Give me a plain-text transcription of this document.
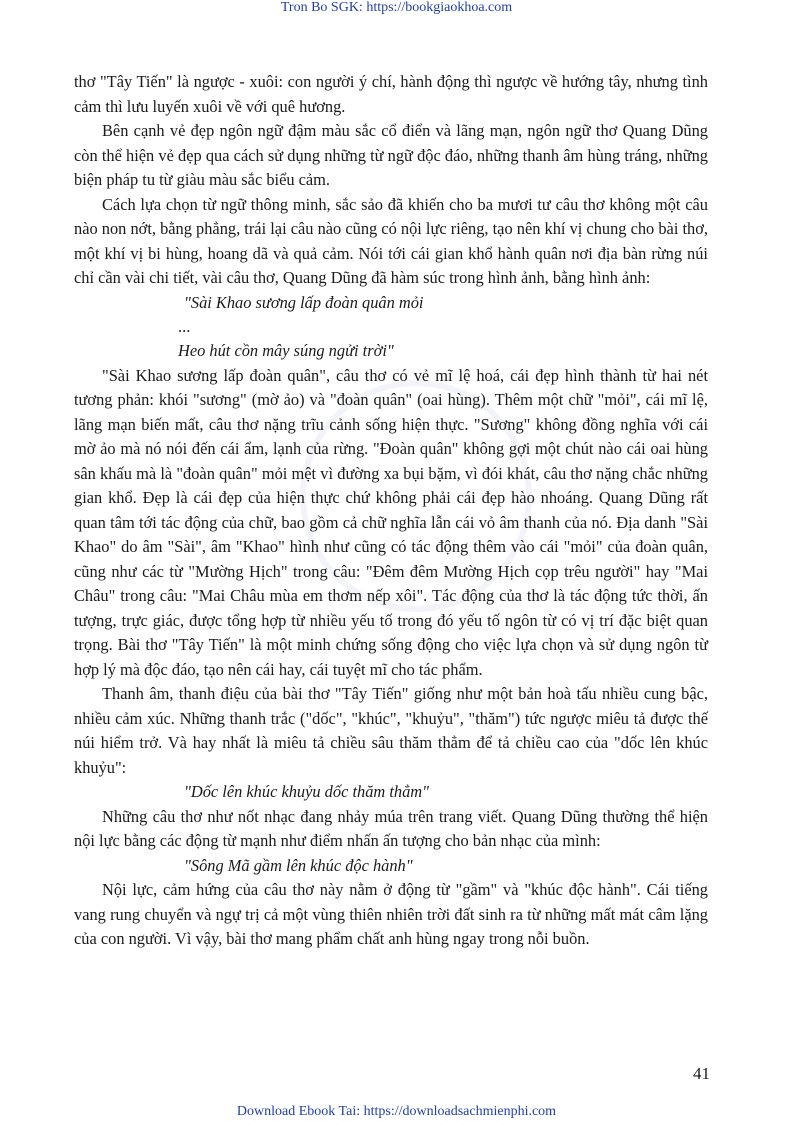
Tron Bo SGK: https://bookgiaokhoa.com

thơ "Tây Tiến" là ngược - xuôi: con người ý chí, hành động thì ngược về hướng tây, nhưng tình cảm thì lưu luyến xuôi về với quê hương.

Bên cạnh vẻ đẹp ngôn ngữ đậm màu sắc cổ điển và lãng mạn, ngôn ngữ thơ Quang Dũng còn thể hiện vẻ đẹp qua cách sử dụng những từ ngữ độc đáo, những thanh âm hùng tráng, những biện pháp tu từ giàu màu sắc biểu cảm.

Cách lựa chọn từ ngữ thông minh, sắc sảo đã khiến cho ba mươi tư câu thơ không một câu nào non nớt, bằng phẳng, trái lại câu nào cũng có nội lực riêng, tạo nên khí vị chung cho bài thơ, một khí vị bi hùng, hoang dã và quả cảm. Nói tới cái gian khổ hành quân nơi địa bàn rừng núi chỉ cần vài chi tiết, vài câu thơ, Quang Dũng đã hàm súc trong hình ảnh, bằng hình ảnh:

"Sài Khao sương lấp đoàn quân mỏi

...

Heo hút cồn mây súng ngửi trời"

"Sài Khao sương lấp đoàn quân", câu thơ có vẻ mĩ lệ hoá, cái đẹp hình thành từ hai nét tương phản: khói "sương" (mờ ảo) và "đoàn quân" (oai hùng). Thêm một chữ "mỏi", cái mĩ lệ, lãng mạn biến mất, câu thơ nặng trĩu cảnh sống hiện thực. "Sương" không đồng nghĩa với cái mờ ảo mà nó nói đến cái ẩm, lạnh của rừng. "Đoàn quân" không gợi một chút nào cái oai hùng sân khấu mà là "đoàn quân" mỏi mệt vì đường xa bụi bặm, vì đói khát, câu thơ nặng chắc những gian khổ. Đẹp là cái đẹp của hiện thực chứ không phải cái đẹp hào nhoáng. Quang Dũng rất quan tâm tới tác động của chữ, bao gồm cả chữ nghĩa lẫn cái vỏ âm thanh của nó. Địa danh "Sài Khao" do âm "Sài", âm "Khao" hình như cũng có tác động thêm vào cái "mỏi" của đoàn quân, cũng như các từ "Mường Hịch" trong câu: "Đêm đêm Mường Hịch cọp trêu người" hay "Mai Châu" trong câu: "Mai Châu mùa em thơm nếp xôi". Tác động của thơ là tác động tức thời, ấn tượng, trực giác, được tổng hợp từ nhiều yếu tố trong đó yếu tố ngôn từ có vị trí đặc biệt quan trọng. Bài thơ "Tây Tiến" là một minh chứng sống động cho việc lựa chọn và sử dụng ngôn từ hợp lý mà độc đáo, tạo nên cái hay, cái tuyệt mĩ cho tác phẩm.

Thanh âm, thanh điệu của bài thơ "Tây Tiến" giống như một bản hoà tấu nhiều cung bậc, nhiều cảm xúc. Những thanh trắc ("dốc", "khúc", "khuỷu", "thăm") tức ngược miêu tả được thế núi hiểm trở. Và hay nhất là miêu tả chiều sâu thăm thẳm để tả chiều cao của "dốc lên khúc khuỷu":

"Dốc lên khúc khuỷu dốc thăm thẳm"

Những câu thơ như nốt nhạc đang nhảy múa trên trang viết. Quang Dũng thường thể hiện nội lực bằng các động từ mạnh như điểm nhấn ấn tượng cho bản nhạc của mình:

"Sông Mã gầm lên khúc độc hành"

Nội lực, cảm hứng của câu thơ này nằm ở động từ "gầm" và "khúc độc hành". Cái tiếng vang rung chuyển và ngự trị cả một vùng thiên nhiên trời đất sinh ra từ những mất mát câm lặng của con người. Vì vậy, bài thơ mang phẩm chất anh hùng ngay trong nỗi buồn.

41
Download Ebook Tai: https://downloadsachmienphi.com
